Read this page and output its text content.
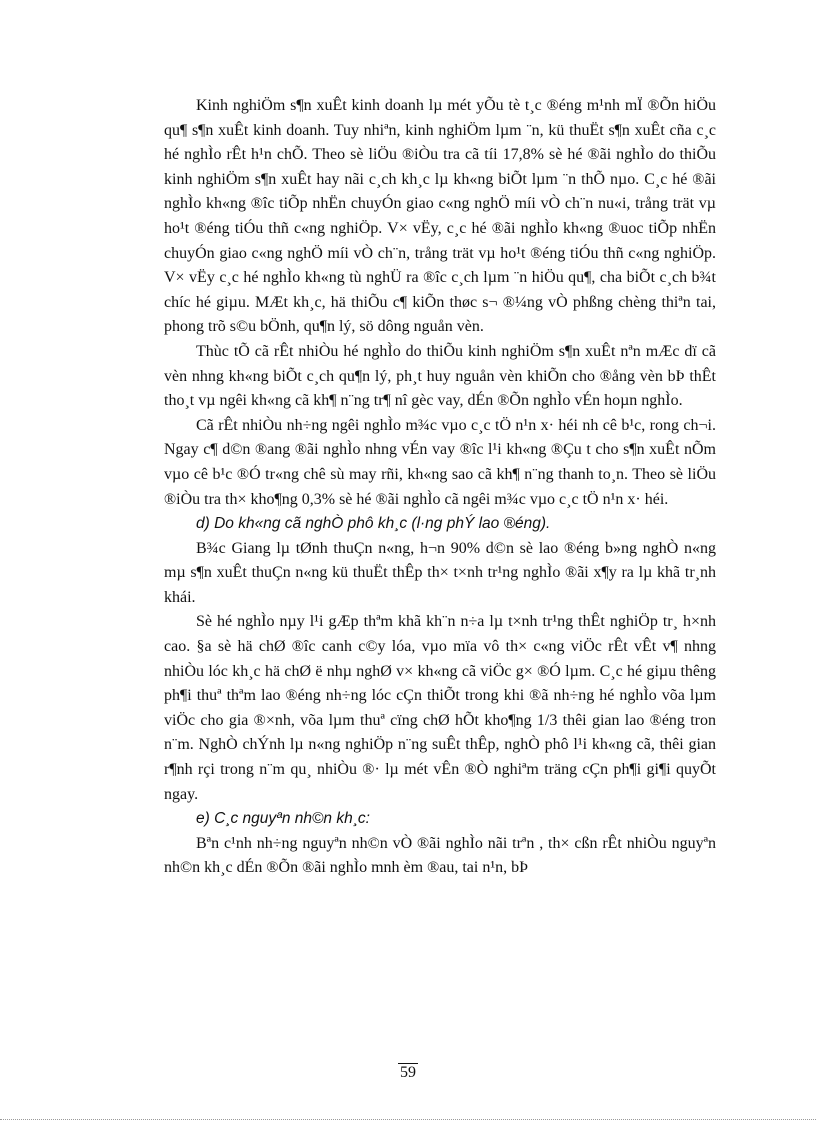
Kinh nghiÖm s¶n xuÊt kinh doanh lµ mét yÕu tè t¸c ®éng m¹nh mÏ ®Õn hiÖu qu¶ s¶n xuÊt kinh doanh. Tuy nhiªn, kinh nghiÖm lµm ¨n, kü thuËt s¶n xuÊt cña c¸c hé nghÌo rÊt h¹n chÕ. Theo sè liÖu ®iÒu tra cã tíi 17,8% sè hé ®ãi nghÌo do thiÕu kinh nghiÖm s¶n xuÊt hay nãi c¸ch kh¸c lµ kh«ng biÕt lµm ¨n thÕ nµo. C¸c hé ®ãi nghÌo kh«ng ®îc tiÕp nhËn chuyÓn giao c«ng nghÖ míi vÒ ch¨n nu«i, trång trät vµ ho¹t ®éng tiÓu thñ c«ng nghiÖp. V× vËy, c¸c hé ®ãi nghÌo kh«ng ®uoc tiÕp nhËn chuyÓn giao c«ng nghÖ míi vÒ ch¨n, trång trät vµ ho¹t ®éng tiÓu thñ c«ng nghiÖp. V× vËy c¸c hé nghÌo kh«ng tù nghÜ ra ®îc c¸ch lµm ¨n hiÖu qu¶, cha biÕt c¸ch b¾t chíc hé giµu. MÆt kh¸c, hä thiÕu c¶ kiÕn thøc s¬ ®¼ng vÒ phßng chèng thiªn tai, phong trõ s©u bÖnh, qu¶n lý, sö dông nguån vèn.

Thùc tÕ cã rÊt nhiÒu hé nghÌo do thiÕu kinh nghiÖm s¶n xuÊt nªn mÆc dï cã vèn nhng kh«ng biÕt c¸ch qu¶n lý, ph¸t huy nguån vèn khiÕn cho ®ång vèn bÞ thÊt tho¸t vµ ngêi kh«ng cã kh¶ n¨ng tr¶ nî gèc vay, dÉn ®Õn nghÌo vÉn hoµn nghÌo.

Cã rÊt nhiÒu nh÷ng ngêi nghÌo m¾c vµo c¸c tÖ n¹n x· héi nh cê b¹c, rong ch¬i. Ngay c¶ d©n ®ang ®ãi nghÌo nhng vÉn vay ®îc l¹i kh«ng ®Çu t cho s¶n xuÊt nÕm vµo cê b¹c ®Ó tr«ng chê sù may rñi, kh«ng sao cã kh¶ n¨ng thanh to¸n. Theo sè liÖu ®iÒu tra th× kho¶ng 0,3% sè hé ®ãi nghÌo cã ngêi m¾c vµo c¸c tÖ n¹n x· héi.

d) Do kh«ng cã nghÒ phô kh¸c (l·ng phÝ lao ®éng).

B¾c Giang lµ tØnh thuÇn n«ng, h¬n 90% d©n sè lao ®éng b»ng nghÒ n«ng mµ s¶n xuÊt thuÇn n«ng kü thuËt thÊp th× t×nh tr¹ng nghÌo ®ãi x¶y ra lµ khã tr¸nh khái.

Sè hé nghÌo nµy l¹i gÆp thªm khã kh¨n n÷a lµ t×nh tr¹ng thÊt nghiÖp tr¸ h×nh cao. §a sè hä chØ ®îc canh c©y lóa, vµo mïa vô th× c«ng viÖc rÊt vÊt v¶ nhng nhiÒu lóc kh¸c hä chØ ë nhµ nghØ v× kh«ng cã viÖc g× ®Ó lµm. C¸c hé giµu thêng ph¶i thuª thªm lao ®éng nh÷ng lóc cÇn thiÕt trong khi ®ã nh÷ng hé nghÌo võa lµm viÖc cho gia ®×nh, võa lµm thuª cïng chØ hÕt kho¶ng 1/3 thêi gian lao ®éng tron n¨m. NghÒ chÝnh lµ n«ng nghiÖp n¨ng suÊt thÊp, nghÒ phô l¹i kh«ng cã, thêi gian r¶nh rçi trong n¨m qu¸ nhiÒu ®· lµ mét vÊn ®Ò nghiªm träng cÇn ph¶i gi¶i quyÕt ngay.

e) C¸c nguyªn nh©n kh¸c:

Bªn c¹nh nh÷ng nguyªn nh©n vÒ ®ãi nghÌo nãi trªn , th× cßn rÊt nhiÒu nguyªn nh©n kh¸c dÉn ®Õn ®ãi nghÌo mnh èm ®au, tai n¹n, bÞ

59
